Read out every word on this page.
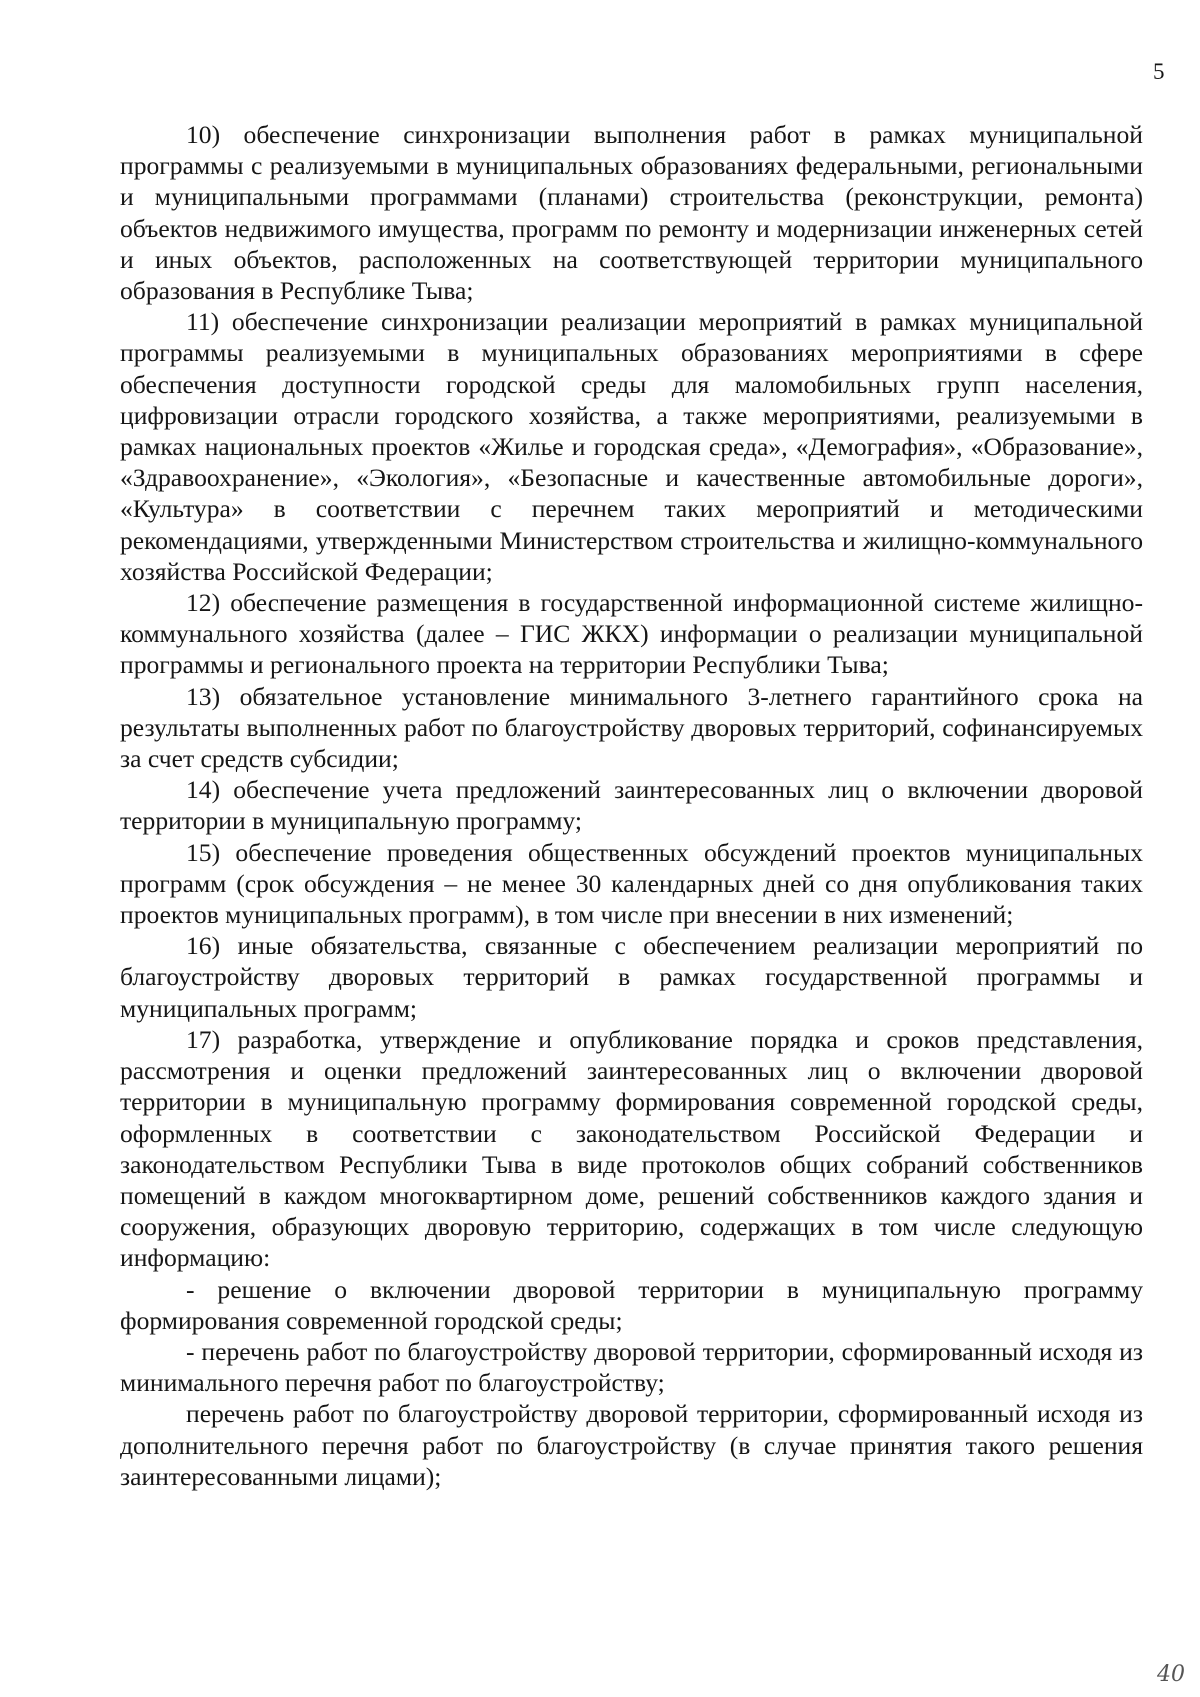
5

10) обеспечение синхронизации выполнения работ в рамках муниципальной программы с реализуемыми в муниципальных образованиях федеральными, региональными и муниципальными программами (планами) строительства (реконструкции, ремонта) объектов недвижимого имущества, программ по ремонту и модернизации инженерных сетей и иных объектов, расположенных на соответствующей территории муниципального образования в Республике Тыва;

11) обеспечение синхронизации реализации мероприятий в рамках муниципальной программы реализуемыми в муниципальных образованиях мероприятиями в сфере обеспечения доступности городской среды для маломобильных групп населения, цифровизации отрасли городского хозяйства, а также мероприятиями, реализуемыми в рамках национальных проектов «Жилье и городская среда», «Демография», «Образование», «Здравоохранение», «Экология», «Безопасные и качественные автомобильные дороги», «Культура» в соответствии с перечнем таких мероприятий и методическими рекомендациями, утвержденными Министерством строительства и жилищно-коммунального хозяйства Российской Федерации;

12) обеспечение размещения в государственной информационной системе жилищно-коммунального хозяйства (далее – ГИС ЖКХ) информации о реализации муниципальной программы и регионального проекта на территории Республики Тыва;

13) обязательное установление минимального 3-летнего гарантийного срока на результаты выполненных работ по благоустройству дворовых территорий, софинансируемых за счет средств субсидии;

14) обеспечение учета предложений заинтересованных лиц о включении дворовой территории в муниципальную программу;

15) обеспечение проведения общественных обсуждений проектов муниципальных программ (срок обсуждения – не менее 30 календарных дней со дня опубликования таких проектов муниципальных программ), в том числе при внесении в них изменений;

16) иные обязательства, связанные с обеспечением реализации мероприятий по благоустройству дворовых территорий в рамках государственной программы и муниципальных программ;

17) разработка, утверждение и опубликование порядка и сроков представления, рассмотрения и оценки предложений заинтересованных лиц о включении дворовой территории в муниципальную программу формирования современной городской среды, оформленных в соответствии с законодательством Российской Федерации и законодательством Республики Тыва в виде протоколов общих собраний собственников помещений в каждом многоквартирном доме, решений собственников каждого здания и сооружения, образующих дворовую территорию, содержащих в том числе следующую информацию:

- решение о включении дворовой территории в муниципальную программу формирования современной городской среды;

- перечень работ по благоустройству дворовой территории, сформированный исходя из минимального перечня работ по благоустройству;

перечень работ по благоустройству дворовой территории, сформированный исходя из дополнительного перечня работ по благоустройству (в случае принятия такого решения заинтересованными лицами);

40
